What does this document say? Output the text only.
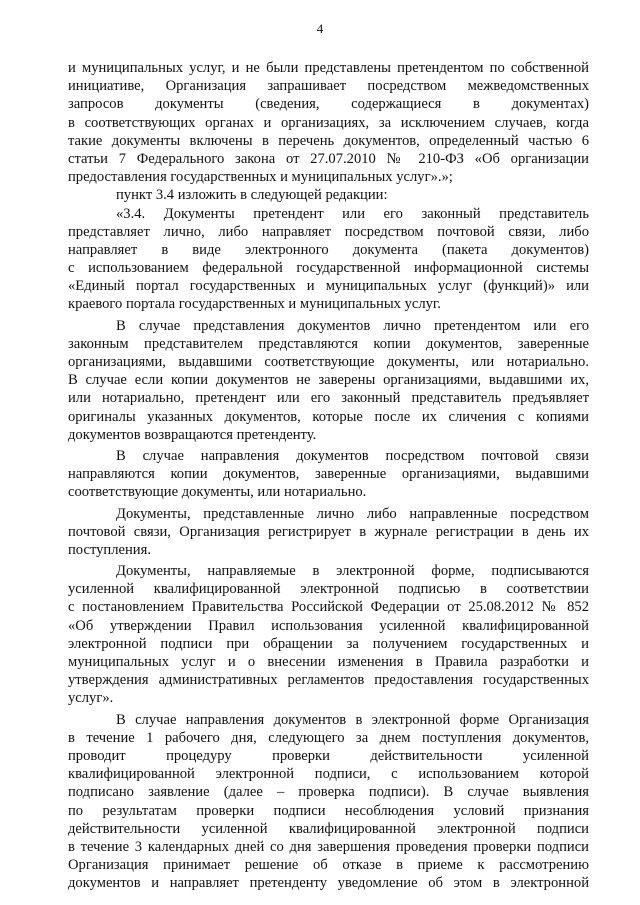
4
и муниципальных услуг, и не были представлены претендентом по собственной
инициативе, Организация запрашивает посредством межведомственных
запросов документы (сведения, содержащиеся в документах)
в соответствующих органах и организациях, за исключением случаев, когда
такие документы включены в перечень документов, определенный частью 6
статьи 7 Федерального закона от 27.07.2010 № 210-ФЗ «Об организации
предоставления государственных и муниципальных услуг».»;
пункт 3.4 изложить в следующей редакции:
«3.4. Документы претендент или его законный представитель
представляет лично, либо направляет посредством почтовой связи, либо
направляет в виде электронного документа (пакета документов)
с использованием федеральной государственной информационной системы
«Единый портал государственных и муниципальных услуг (функций)» или
краевого портала государственных и муниципальных услуг.
В случае представления документов лично претендентом или его
законным представителем представляются копии документов, заверенные
организациями, выдавшими соответствующие документы, или нотариально.
В случае если копии документов не заверены организациями, выдавшими их,
или нотариально, претендент или его законный представитель предъявляет
оригиналы указанных документов, которые после их сличения с копиями
документов возвращаются претенденту.
В случае направления документов посредством почтовой связи
направляются копии документов, заверенные организациями, выдавшими
соответствующие документы, или нотариально.
Документы, представленные лично либо направленные посредством
почтовой связи, Организация регистрирует в журнале регистрации в день их
поступления.
Документы, направляемые в электронной форме, подписываются
усиленной квалифицированной электронной подписью в соответствии
с постановлением Правительства Российской Федерации от 25.08.2012 № 852
«Об утверждении Правил использования усиленной квалифицированной
электронной подписи при обращении за получением государственных и
муниципальных услуг и о внесении изменения в Правила разработки и
утверждения административных регламентов предоставления государственных
услуг».
В случае направления документов в электронной форме Организация
в течение 1 рабочего дня, следующего за днем поступления документов,
проводит процедуру проверки действительности усиленной
квалифицированной электронной подписи, с использованием которой
подписано заявление (далее – проверка подписи). В случае выявления
по результатам проверки подписи несоблюдения условий признания
действительности усиленной квалифицированной электронной подписи
в течение 3 календарных дней со дня завершения проведения проверки подписи
Организация принимает решение об отказе в приеме к рассмотрению
документов и направляет претенденту уведомление об этом в электронной
